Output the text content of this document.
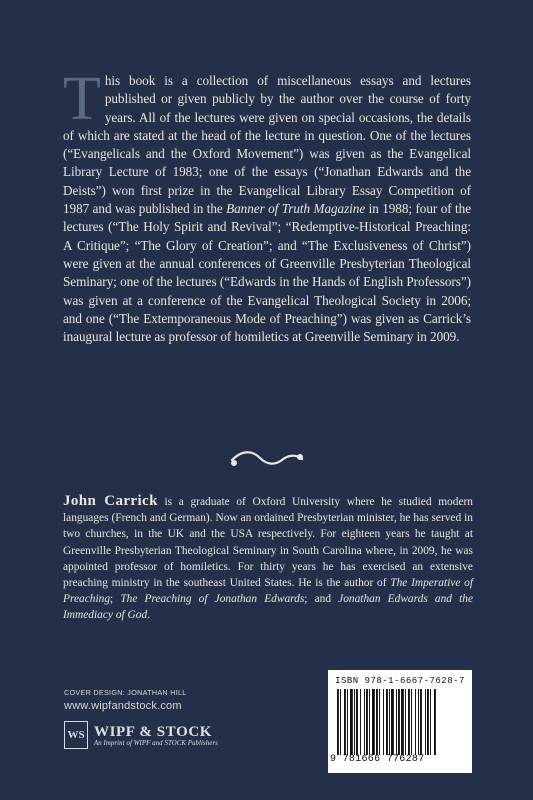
T his book is a collection of miscellaneous essays and lectures published or given publicly by the author over the course of forty years. All of the lectures were given on special occasions, the details of which are stated at the head of the lecture in question. One of the lectures (“Evangelicals and the Oxford Movement”) was given as the Evangelical Library Lecture of 1983; one of the essays (“Jonathan Edwards and the Deists”) won first prize in the Evangelical Library Essay Competition of 1987 and was published in the Banner of Truth Magazine in 1988; four of the lectures (“The Holy Spirit and Revival”; “Redemptive-Historical Preaching: A Critique”; “The Glory of Creation”; and “The Exclusiveness of Christ”) were given at the annual conferences of Greenville Presbyterian Theological Seminary; one of the lectures (“Edwards in the Hands of English Professors”) was given at a conference of the Evangelical Theological Society in 2006; and one (“The Extemporaneous Mode of Preaching”) was given as Carrick’s inaugural lecture as professor of homiletics at Greenville Seminary in 2009.

John Carrick is a graduate of Oxford University where he studied modern languages (French and German). Now an ordained Presbyterian minister, he has served in two churches, in the UK and the USA respectively. For eighteen years he taught at Greenville Presbyterian Theological Seminary in South Carolina where, in 2009, he was appointed professor of homiletics. For thirty years he has exercised an extensive preaching ministry in the southeast United States. He is the author of The Imperative of Preaching; The Preaching of Jonathan Edwards; and Jonathan Edwards and the Immediacy of God.
COVER DESIGN: JONATHAN HILL
www.wipfandstock.com
WS WIPF & STOCK
An Imprint of WIPF and STOCK Publishers
ISBN 978-1-6667-7628-7
9 781666 776287
